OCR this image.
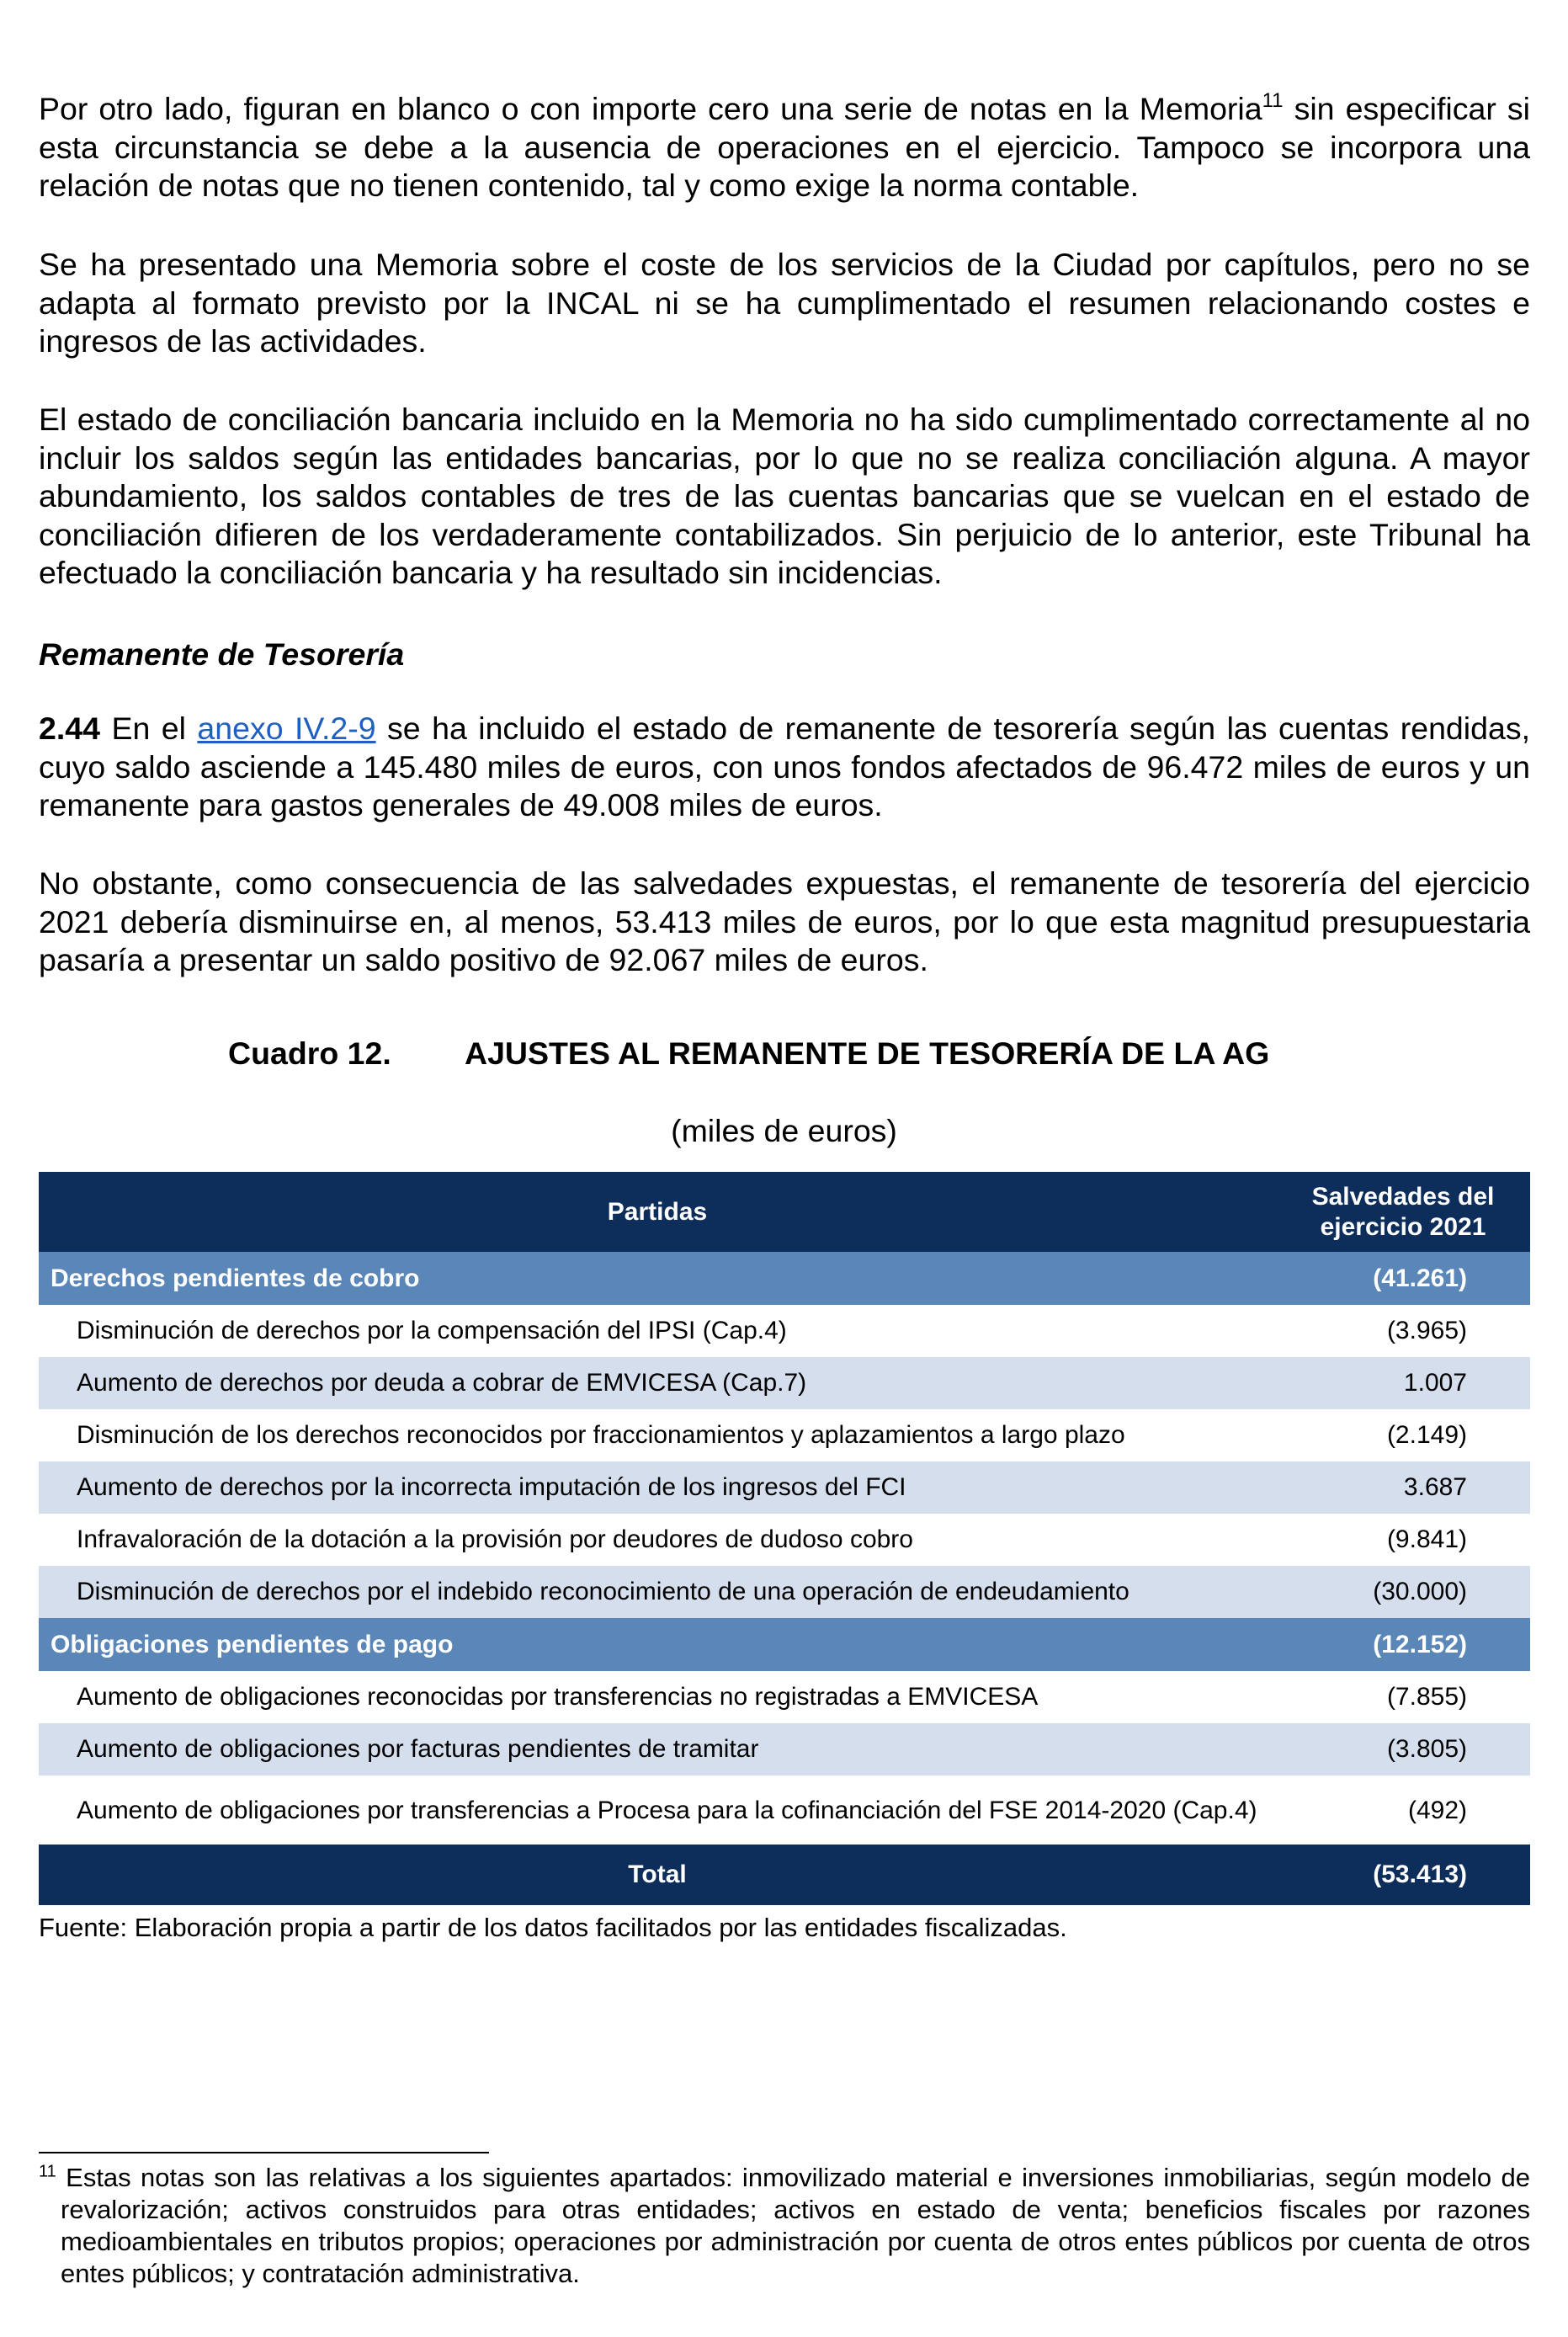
Por otro lado, figuran en blanco o con importe cero una serie de notas en la Memoria$^{11}$ sin especificar si esta circunstancia se debe a la ausencia de operaciones en el ejercicio. Tampoco se incorpora una relación de notas que no tienen contenido, tal y como exige la norma contable.

Se ha presentado una Memoria sobre el coste de los servicios de la Ciudad por capítulos, pero no se adapta al formato previsto por la INCAL ni se ha cumplimentado el resumen relacionando costes e ingresos de las actividades.

El estado de conciliación bancaria incluido en la Memoria no ha sido cumplimentado correctamente al no incluir los saldos según las entidades bancarias, por lo que no se realiza conciliación alguna. A mayor abundamiento, los saldos contables de tres de las cuentas bancarias que se vuelcan en el estado de conciliación difieren de los verdaderamente contabilizados. Sin perjuicio de lo anterior, este Tribunal ha efectuado la conciliación bancaria y ha resultado sin incidencias.

Remanente de Tesorería

2.44 En el anexo IV.2-9 se ha incluido el estado de remanente de tesorería según las cuentas rendidas, cuyo saldo asciende a 145.480 miles de euros, con unos fondos afectados de 96.472 miles de euros y un remanente para gastos generales de 49.008 miles de euros.

No obstante, como consecuencia de las salvedades expuestas, el remanente de tesorería del ejercicio 2021 debería disminuirse en, al menos, 53.413 miles de euros, por lo que esta magnitud presupuestaria pasaría a presentar un saldo positivo de 92.067 miles de euros.

Cuadro 12. AJUSTES AL REMANENTE DE TESORERÍA DE LA AG
(miles de euros)
Partidas	Salvedades del
ejercicio 2021
Derechos pendientes de cobro	(41.261)
Disminución de derechos por la compensación del IPSI (Cap.4)	(3.965)
Aumento de derechos por deuda a cobrar de EMVICESA (Cap.7)	1.007
Disminución de los derechos reconocidos por fraccionamientos y aplazamientos a largo plazo	(2.149)
Aumento de derechos por la incorrecta imputación de los ingresos del FCI	3.687
Infravaloración de la dotación a la provisión por deudores de dudoso cobro	(9.841)
Disminución de derechos por el indebido reconocimiento de una operación de endeudamiento	(30.000)
Obligaciones pendientes de pago	(12.152)
Aumento de obligaciones reconocidas por transferencias no registradas a EMVICESA	(7.855)
Aumento de obligaciones por facturas pendientes de tramitar	(3.805)
Aumento de obligaciones por transferencias a Procesa para la cofinanciación del FSE 2014-2020 (Cap.4)	(492)
Total	(53.413)
Fuente: Elaboración propia a partir de los datos facilitados por las entidades fiscalizadas.

$^{11}$ Estas notas son las relativas a los siguientes apartados: inmovilizado material e inversiones inmobiliarias, según modelo de revalorización; activos construidos para otras entidades; activos en estado de venta; beneficios fiscales por razones medioambientales en tributos propios; operaciones por administración por cuenta de otros entes públicos por cuenta de otros entes públicos; y contratación administrativa.
